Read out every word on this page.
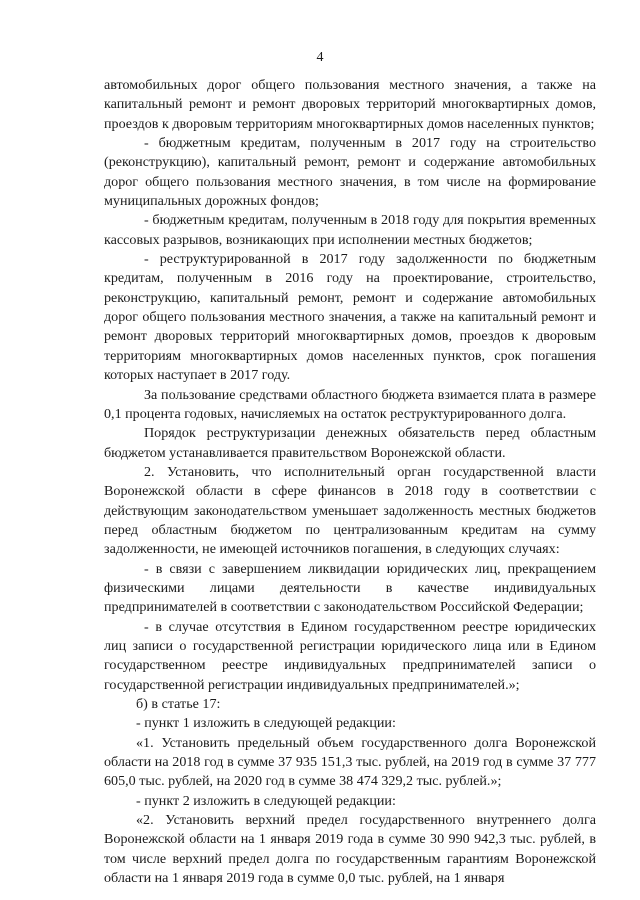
4

автомобильных дорог общего пользования местного значения, а также на капитальный ремонт и ремонт дворовых территорий многоквартирных домов, проездов к дворовым территориям многоквартирных домов населенных пунктов;

- бюджетным кредитам, полученным в 2017 году на строительство (реконструкцию), капитальный ремонт, ремонт и содержание автомобильных дорог общего пользования местного значения, в том числе на формирование муниципальных дорожных фондов;

- бюджетным кредитам, полученным в 2018 году для покрытия временных кассовых разрывов, возникающих при исполнении местных бюджетов;

- реструктурированной в 2017 году задолженности по бюджетным кредитам, полученным в 2016 году на проектирование, строительство, реконструкцию, капитальный ремонт, ремонт и содержание автомобильных дорог общего пользования местного значения, а также на капитальный ремонт и ремонт дворовых территорий многоквартирных домов, проездов к дворовым территориям многоквартирных домов населенных пунктов, срок погашения которых наступает в 2017 году.

За пользование средствами областного бюджета взимается плата в размере 0,1 процента годовых, начисляемых на остаток реструктурированного долга.

Порядок реструктуризации денежных обязательств перед областным бюджетом устанавливается правительством Воронежской области.

2. Установить, что исполнительный орган государственной власти Воронежской области в сфере финансов в 2018 году в соответствии с действующим законодательством уменьшает задолженность местных бюджетов перед областным бюджетом по централизованным кредитам на сумму задолженности, не имеющей источников погашения, в следующих случаях:

- в связи с завершением ликвидации юридических лиц, прекращением физическими лицами деятельности в качестве индивидуальных предпринимателей в соответствии с законодательством Российской Федерации;

- в случае отсутствия в Едином государственном реестре юридических лиц записи о государственной регистрации юридического лица или в Едином государственном реестре индивидуальных предпринимателей записи о государственной регистрации индивидуальных предпринимателей.»;

б) в статье 17:

- пункт 1 изложить в следующей редакции:

«1. Установить предельный объем государственного долга Воронежской области на 2018 год в сумме 37 935 151,3 тыс. рублей, на 2019 год в сумме 37 777 605,0 тыс. рублей, на 2020 год в сумме 38 474 329,2 тыс. рублей.»;

- пункт 2 изложить в следующей редакции:

«2. Установить верхний предел государственного внутреннего долга Воронежской области на 1 января 2019 года в сумме 30 990 942,3 тыс. рублей, в том числе верхний предел долга по государственным гарантиям Воронежской области на 1 января 2019 года в сумме 0,0 тыс. рублей, на 1 января
